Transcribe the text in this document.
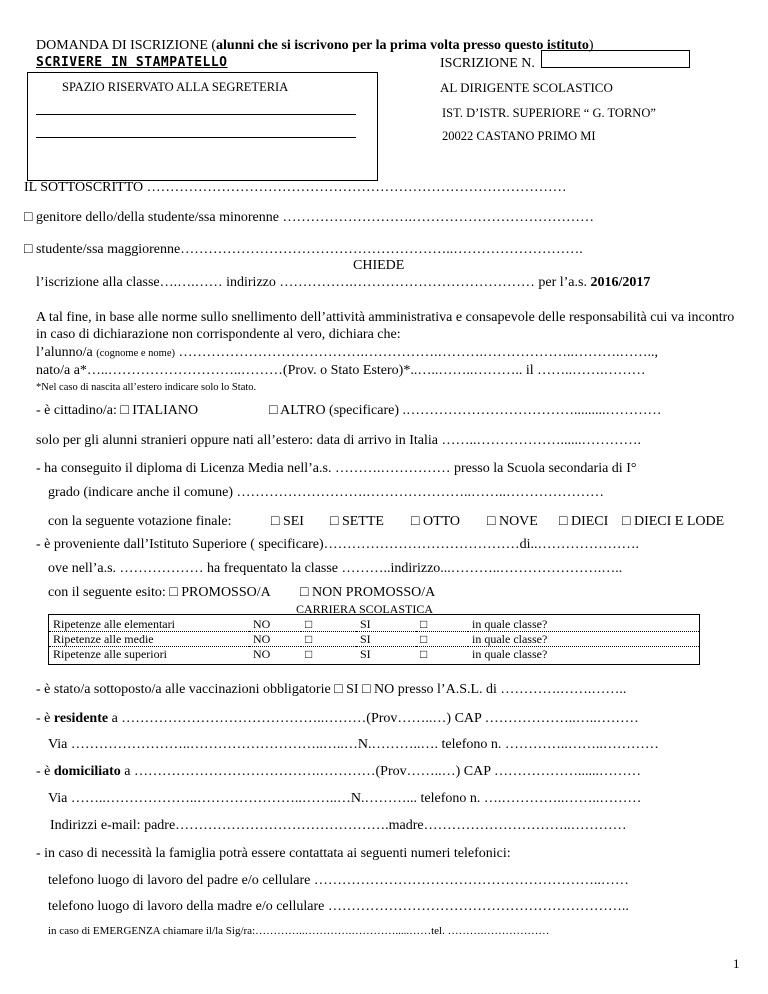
DOMANDA DI ISCRIZIONE (alunni che si iscrivono per la prima volta presso questo istituto)
SCRIVERE IN STAMPATELLO	ISCRIZIONE N.
SPAZIO RISERVATO ALLA SEGRETERIA	AL DIRIGENTE SCOLASTICO
IST. D’ISTR. SUPERIORE “ G. TORNO”
20022 CASTANO PRIMO MI
IL SOTTOSCRITTO ………………………………………………………………………………
□ genitore dello/della studente/ssa minorenne ……………………….…………………………………
□ studente/ssa maggiorenne…………………………………………………..……………………….
CHIEDE
l’iscrizione alla classe….….…… indirizzo …………….………………………………… per l’a.s. 2016/2017
A tal fine, in base alle norme sullo snellimento dell’attività amministrativa e consapevole delle responsabilità cui va incontro in caso di dichiarazione non corrispondente al vero, dichiara che:
l’alunno/a (cognome e nome) ………………………………….…………….……….………………..……….……..,
nato/a a*…..………………………..………(Prov. o Stato Estero)*..…..……..……….. il ……..…….………
*Nel caso di nascita all’estero indicare solo lo Stato.
- è cittadino/a: □ ITALIANO	□ ALTRO (specificare) .……………………………….........…………
solo per gli alunni stranieri oppure nati all’estero: data di arrivo in Italia ……..………………......………….
- ha conseguito il diploma di Licenza Media nell’a.s. ……….…………… presso la Scuola secondaria di I°
grado (indicare anche il comune) ……………………….…………………..……..…………………
con la seguente votazione finale:	□ SEI □ SETTE □ OTTO □ NOVE □ DIECI □ DIECI E LODE
- è proveniente dall’Istituto Superiore ( specificare)……………………………………di..………………….
ove nell’a.s. ……………… ha frequentato la classe ………..indirizzo...………..………………….…..
con il seguente esito: □ PROMOSSO/A □ NON PROMOSSO/A
CARRIERA SCOLASTICA
Ripetenze alle elementari	NO	□	SI	□	in quale classe?
Ripetenze alle medie	NO	□	SI	□	in quale classe?
Ripetenze alle superiori	NO	□	SI	□	in quale classe?
- è stato/a sottoposto/a alle vaccinazioni obbligatorie □ SI □ NO presso l’A.S.L. di ………….…….……..
- è residente a ……………………………………..………(Prov……..…) CAP ………………..…..………
Via ……………………..………………………..…..…N.………..…. telefono n. …………..……..…………
- è domiciliato a ………………………………….…………(Prov……..…) CAP ………………......………
Via ……..………………..…………………..……..…N.………... telefono n. ….…………..……..………
Indirizzi e-mail: padre……………………………………….madre…………………………..…………
- in caso di necessità la famiglia potrà essere contattata ai seguenti numeri telefonici:
telefono luogo di lavoro del padre e/o cellulare ……………………………………………………..……
telefono luogo di lavoro della madre e/o cellulare ………………………………………………………..
in caso di EMERGENZA chiamare il/la Sig/ra:…………..………….………….....……tel. ……….………………
1
